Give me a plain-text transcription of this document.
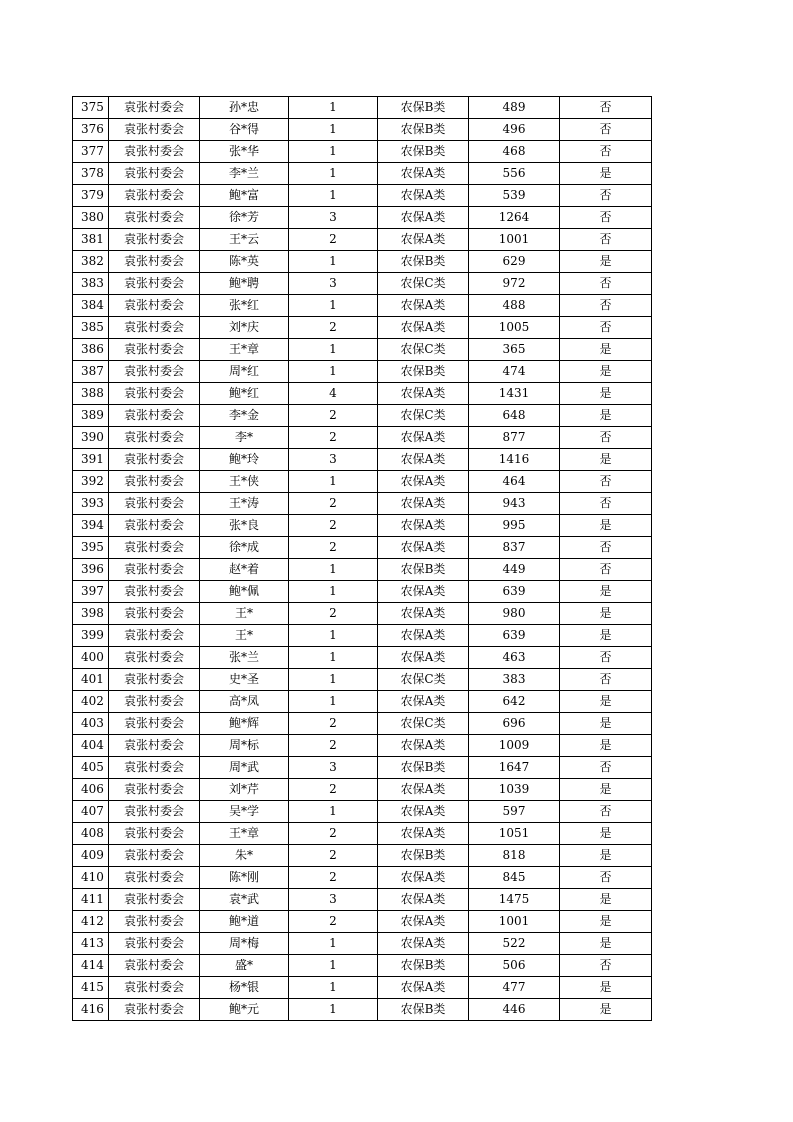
375	袁张村委会	孙*忠	1	农保B类	489	否
376	袁张村委会	谷*得	1	农保B类	496	否
377	袁张村委会	张*华	1	农保B类	468	否
378	袁张村委会	李*兰	1	农保A类	556	是
379	袁张村委会	鲍*富	1	农保A类	539	否
380	袁张村委会	徐*芳	3	农保A类	1264	否
381	袁张村委会	王*云	2	农保A类	1001	否
382	袁张村委会	陈*英	1	农保B类	629	是
383	袁张村委会	鲍*聘	3	农保C类	972	否
384	袁张村委会	张*红	1	农保A类	488	否
385	袁张村委会	刘*庆	2	农保A类	1005	否
386	袁张村委会	王*章	1	农保C类	365	是
387	袁张村委会	周*红	1	农保B类	474	是
388	袁张村委会	鲍*红	4	农保A类	1431	是
389	袁张村委会	李*金	2	农保C类	648	是
390	袁张村委会	李*	2	农保A类	877	否
391	袁张村委会	鲍*玲	3	农保A类	1416	是
392	袁张村委会	王*侠	1	农保A类	464	否
393	袁张村委会	王*涛	2	农保A类	943	否
394	袁张村委会	张*良	2	农保A类	995	是
395	袁张村委会	徐*成	2	农保A类	837	否
396	袁张村委会	赵*着	1	农保B类	449	否
397	袁张村委会	鲍*佩	1	农保A类	639	是
398	袁张村委会	王*	2	农保A类	980	是
399	袁张村委会	王*	1	农保A类	639	是
400	袁张村委会	张*兰	1	农保A类	463	否
401	袁张村委会	史*圣	1	农保C类	383	否
402	袁张村委会	高*凤	1	农保A类	642	是
403	袁张村委会	鲍*辉	2	农保C类	696	是
404	袁张村委会	周*标	2	农保A类	1009	是
405	袁张村委会	周*武	3	农保B类	1647	否
406	袁张村委会	刘*芹	2	农保A类	1039	是
407	袁张村委会	吴*学	1	农保A类	597	否
408	袁张村委会	王*章	2	农保A类	1051	是
409	袁张村委会	朱*	2	农保B类	818	是
410	袁张村委会	陈*刚	2	农保A类	845	否
411	袁张村委会	袁*武	3	农保A类	1475	是
412	袁张村委会	鲍*道	2	农保A类	1001	是
413	袁张村委会	周*梅	1	农保A类	522	是
414	袁张村委会	盛*	1	农保B类	506	否
415	袁张村委会	杨*银	1	农保A类	477	是
416	袁张村委会	鲍*元	1	农保B类	446	是
